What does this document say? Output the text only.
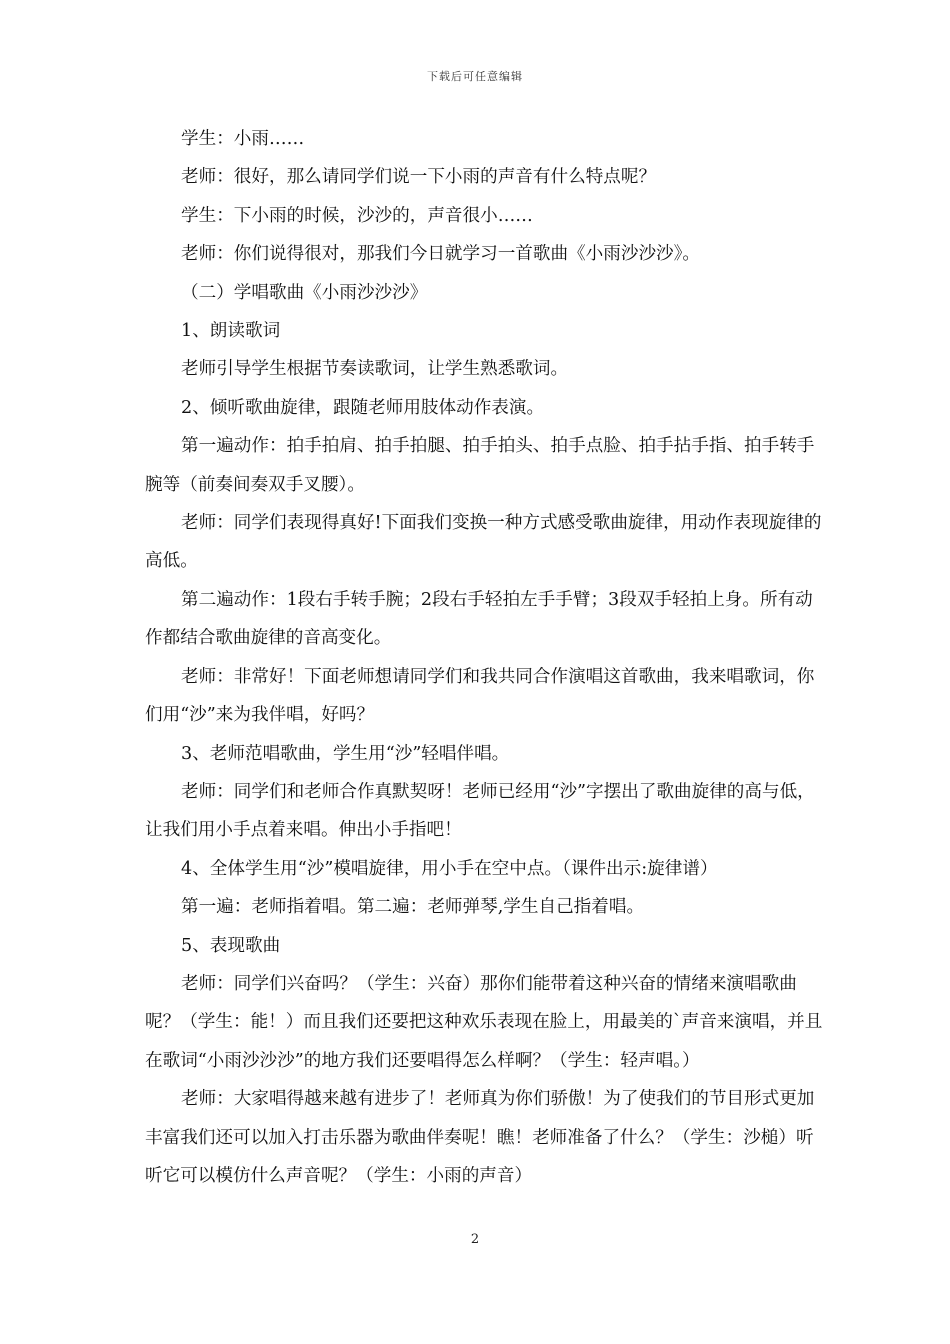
下载后可任意编辑

学生：小雨……

老师：很好，那么请同学们说一下小雨的声音有什么特点呢？

学生：下小雨的时候，沙沙的，声音很小……

老师：你们说得很对，那我们今日就学习一首歌曲《小雨沙沙沙》。

（二）学唱歌曲《小雨沙沙沙》

1、朗读歌词

老师引导学生根据节奏读歌词，让学生熟悉歌词。

2、倾听歌曲旋律，跟随老师用肢体动作表演。

第一遍动作：拍手拍肩、拍手拍腿、拍手拍头、拍手点脸、拍手拈手指、拍手转手腕等（前奏间奏双手叉腰）。

老师：同学们表现得真好!下面我们变换一种方式感受歌曲旋律，用动作表现旋律的高低。

第二遍动作：1段右手转手腕；2段右手轻拍左手手臂；3段双手轻拍上身。所有动作都结合歌曲旋律的音高变化。

老师：非常好！下面老师想请同学们和我共同合作演唱这首歌曲，我来唱歌词，你们用“沙”来为我伴唱，好吗？

3、老师范唱歌曲，学生用“沙”轻唱伴唱。

老师：同学们和老师合作真默契呀！老师已经用“沙”字摆出了歌曲旋律的高与低，让我们用小手点着来唱。伸出小手指吧！

4、全体学生用“沙”模唱旋律，用小手在空中点。（课件出示:旋律谱）

第一遍：老师指着唱。第二遍：老师弹琴,学生自己指着唱。

5、表现歌曲

老师：同学们兴奋吗？（学生：兴奋）那你们能带着这种兴奋的情绪来演唱歌曲呢？（学生：能！）而且我们还要把这种欢乐表现在脸上，用最美的`声音来演唱，并且在歌词“小雨沙沙沙”的地方我们还要唱得怎么样啊？（学生：轻声唱。）

老师：大家唱得越来越有进步了！老师真为你们骄傲！为了使我们的节目形式更加丰富我们还可以加入打击乐器为歌曲伴奏呢！瞧！老师准备了什么？（学生：沙槌）听听它可以模仿什么声音呢？（学生：小雨的声音）

2
